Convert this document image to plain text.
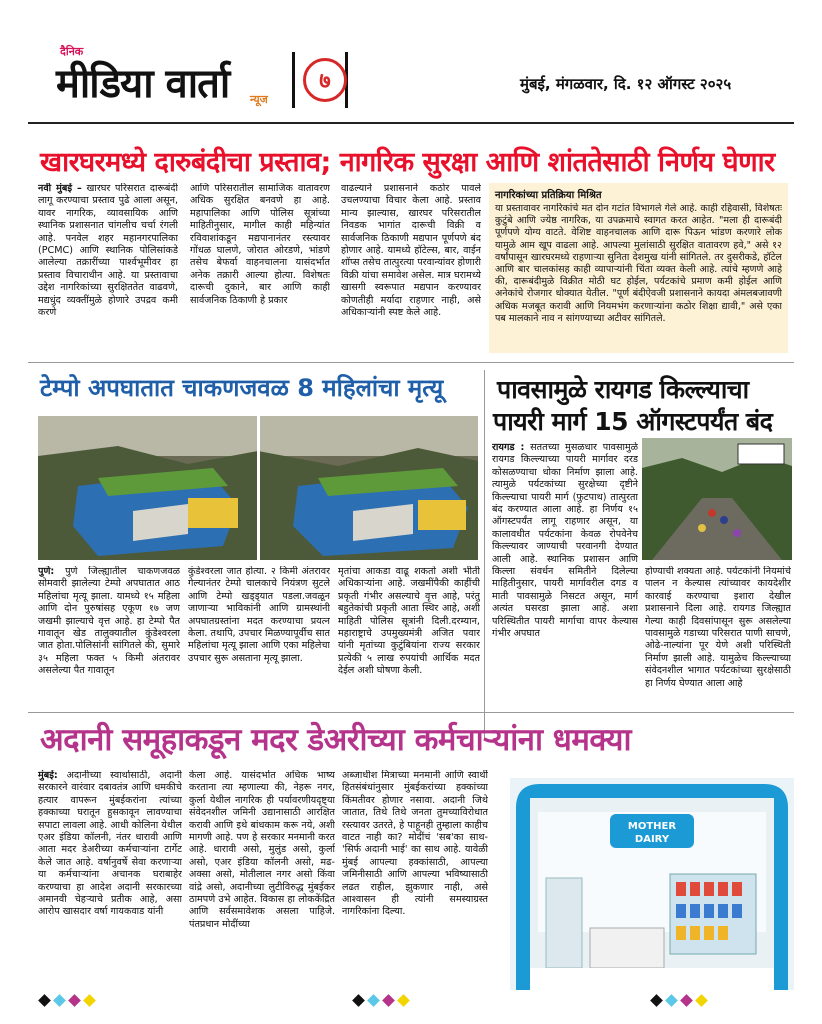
दैनिक
मीडिया वार्ता न्यूज
७	मुंबई, मंगळवार, दि. १२ ऑगस्ट २०२५
खारघरमध्ये दारुबंदीचा प्रस्ताव; नागरिक सुरक्षा आणि शांततेसाठी निर्णय घेणार
नवी मुंबई – खारघर परिसरात दारूबंदी लागू करण्याचा प्रस्ताव पुढे आला असून, यावर नागरिक, व्यावसायिक आणि स्थानिक प्रशासनात चांगलीच चर्चा रंगली आहे. पनवेल शहर महानगरपालिका (PCMC) आणि स्थानिक पोलिसांकडे आलेल्या तक्रारींच्या पार्श्वभूमीवर हा प्रस्ताव विचाराधीन आहे. या प्रस्तावाचा उद्देश नागरिकांच्या सुरक्षिततेत वाढवणे, मद्यधुंद व्यक्तींमुळे होणारे उपद्रव कमी करणे
आणि परिसरातील सामाजिक वातावरण अधिक सुरक्षित बनवणे हा आहे. महापालिका आणि पोलिस सूत्रांच्या माहितीनुसार, मागील काही महिन्यांत रविवाशांकडून मद्यपानानंतर रस्त्यावर गोंधळ घालणे, जोरात ओरडणे, भांडणे तसेच बेफर्वा वाहनचालना यासंदर्भात अनेक तक्रारी आल्या होत्या. विशेषतः दारूची दुकाने, बार आणि काही सार्वजनिक ठिकाणी हे प्रकार
वाढल्याने प्रशासनाने कठोर पावले उचलण्याचा विचार केला आहे. प्रस्ताव मान्य झाल्यास, खारघर परिसरातील निवडक भागांत दारूची विक्री व सार्वजनिक ठिकाणी मद्यपान पूर्णपणे बंद होणार आहे. यामध्ये हॉटेल्स, बार, वाईन शॉप्स तसेच तात्पुरत्या परवान्यांवर होणारी विक्री यांचा समावेश असेल. मात्र घरामध्ये खासगी स्वरूपात मद्यपान करण्यावर कोणतीही मर्यादा राहणार नाही, असे अधिकाऱ्यांनी स्पष्ट केले आहे.
नागरिकांच्या प्रतिक्रिया मिश्रित
या प्रस्तावावर नागरिकांचे मत दोन गटांत विभागले गेले आहे. काही रहिवासी, विशेषतः कुटुंबे आणि ज्येष्ठ नागरिक, या उपक्रमाचे स्वागत करत आहेत. "मला ही दारूबंदी पूर्णपणे योग्य वाटते. वेशिष्ट वाहनचालक आणि दारू पिऊन भांडण करणारे लोक यामुळे आम खूप वाढला आहे. आपल्या मुलांसाठी सुरक्षित वातावरण हवे," असे १२ वर्षांपासून खारघरमध्ये राहणाऱ्या सुनिता देशमुख यांनी सांगितले. तर दुसरीकडे, हॉटेल आणि बार चालकांसह काही व्यापाऱ्यांनी चिंता व्यक्त केली आहे. त्यांचे म्हणणे आहे की, दारूबंदीमुळे विक्रीत मोठी घट होईल, पर्यटकांचे प्रमाण कमी होईल आणि अनेकांचे रोजगार धोक्यात येतील. "पूर्ण बंदीऐवजी प्रशासनाने कायदा अंमलबजावणी अधिक मजबूत करावी आणि नियमभंग करणाऱ्यांना कठोर शिक्षा द्यावी," असे एका पब मालकाने नाव न सांगण्याच्या अटीवर सांगितले.
टेम्पो अपघातात चाकणजवळ 8 महिलांचा मृत्यू
पुणे: पुणे जिल्ह्यातील चाकणजवळ सोमवारी झालेल्या टेम्पो अपघातात आठ महिलांचा मृत्यू झाला. यामध्ये १५ महिला आणि दोन पुरुषांसह एकूण १७ जण जखमी झाल्याचे वृत्त आहे. हा टेम्पो पैत गावातून खेड तालुक्यातील कुंडेश्वरला जात होता.पोलिसांनी सांगितले की, सुमारे ३५ महिला फक्त ५ किमी अंतरावर असलेल्या पैत गावातून
कुंडेश्वरला जात होत्या. २ किमी अंतरावर गेल्यानंतर टेम्पो चालकाचे नियंत्रण सुटले आणि टेम्पो खड्ड्यात पडला.जवळून जाणाऱ्या भाविकांनी आणि ग्रामस्थांनी अपघातग्रस्तांना मदत करण्याचा प्रयत्न केला. तथापि, उपचार मिळण्यापूर्वीच सात महिलांचा मृत्यू झाला आणि एका महिलेचा उपचार सुरू असताना मृत्यू झाला.
मृतांचा आकडा वाढू शकतो अशी भीती अधिकाऱ्यांना आहे. जखमींपैकी काहींची प्रकृती गंभीर असल्याचे वृत्त आहे, परंतु बहुतेकांची प्रकृती आता स्थिर आहे, अशी माहिती पोलिस सूत्रांनी दिली.दरम्यान, महाराष्ट्राचे उपमुख्यमंत्री अजित पवार यांनी मृतांच्या कुटुंबियांना राज्य सरकार प्रत्येकी ५ लाख रुपयांची आर्थिक मदत देईल अशी घोषणा केली.
पावसामुळे रायगड किल्ल्याचा
पायरी मार्ग 15 ऑगस्टपर्यंत बंद
रायगड : सततच्या मुसळधार पावसामुळे रायगड किल्ल्याच्या पायरी मार्गावर दरड कोसळण्याचा धोका निर्माण झाला आहे. त्यामुळे पर्यटकांच्या सुरक्षेच्या दृष्टीने किल्ल्याचा पायरी मार्ग (फुटपाथ) तात्पुरता बंद करण्यात आला आहे. हा निर्णय १५ ऑगस्टपर्यंत लागू राहणार असून, या कालावधीत पर्यटकांना केवळ रोपवेनेच किल्ल्यावर जाण्याची परवानगी देण्यात आली आहे. स्थानिक प्रशासन आणि किल्ला संवर्धन समितीने दिलेल्या माहितीनुसार, पायरी मार्गावरील दगड व माती पावसामुळे निसटत असून, मार्ग अत्यंत घसरडा झाला आहे. अशा परिस्थितीत पायरी मार्गाचा वापर केल्यास गंभीर अपघात
होण्याची शक्यता आहे. पर्यटकांनी नियमांचे पालन न केल्यास त्यांच्यावर कायदेशीर कारवाई करण्याचा इशारा देखील प्रशासनाने दिला आहे. रायगड जिल्ह्यात गेल्या काही दिवसांपासून सुरू असलेल्या पावसामुळे गडाच्या परिसरात पाणी साचणे, ओढे-नाल्यांना पूर येणे अशी परिस्थिती निर्माण झाली आहे. यामुळेच किल्ल्याच्या संवेदनशील भागात पर्यटकांच्या सुरक्षेसाठी हा निर्णय घेण्यात आला आहे
अदानी समूहाकडून मदर डेअरीच्या कर्मचाऱ्यांना धमक्या
मुंबई: अदानीच्या स्वार्थासाठी, अदानी सरकारने वारंवार दबावतंत्र आणि धमकीचे हत्यार वापरून मुंबईकरांना त्यांच्या हक्काच्या घरातून हुसकावून लावण्याचा सपाटा लावला आहे. आधी कोलिना येथील एअर इंडिया कॉलनी, नंतर धारावी आणि आता मदर डेअरीच्या कर्मचाऱ्यांना टार्गेट केले जात आहे. वर्षानुवर्षे सेवा करणाऱ्या या कर्मचाऱ्यांना अचानक घराबाहेर करण्याचा हा आदेश अदानी सरकारच्या अमानवी चेहऱ्याचे प्रतीक आहे, असा आरोप खासदार वर्षा गायकवाड यांनी
केला आहे. यासंदर्भात अधिक भाष्य करताना त्या म्हणाल्या की, नेहरू नगर, कुर्ला येथील नागरिक ही पर्यावरणीयदृष्ट्या संवेदनशील जमिनी उद्यानासाठी आरक्षित करावी आणि इथे बांधकाम करू नये, अशी मागणी आहे. पण हे सरकार मनमानी करत आहे. धारावी असो, मुलुंड असो, कुर्ला असो, एअर इंडिया कॉलनी असो, मढ-अक्सा असो, मोतीलाल नगर असो किंवा वांद्रे असो, अदानीच्या लुटीविरुद्ध मुंबईकर ठामपणे उभे आहेत. विकास हा लोककेंद्रित आणि सर्वसमावेशक असला पाहिजे. पंतप्रधान मोदींच्या
अब्जाधीश मित्राच्या मनमानी आणि स्वार्थी हितसंबंधांनुसार मुंबईकरांच्या हक्कांच्या किंमतीवर होणार नसावा. अदानी जिथे जातात, तिथे तिथे जनता तुमच्याविरोधात रस्त्यावर उतरते, हे पाहूनही तुम्हाला काहीच वाटत नाही का? मोदींचं 'सब'का साथ- 'सिर्फ अदानी भाई' का साथ आहे. यावेळी मुंबई आपल्या हक्कांसाठी, आपल्या जमिनीसाठी आणि आपल्या भविष्यासाठी लढत राहील, झुकणार नाही, असे आश्वासन ही त्यांनी समस्याग्रस्त नागरिकांना दिल्या.
MOTHER
DAIRY
